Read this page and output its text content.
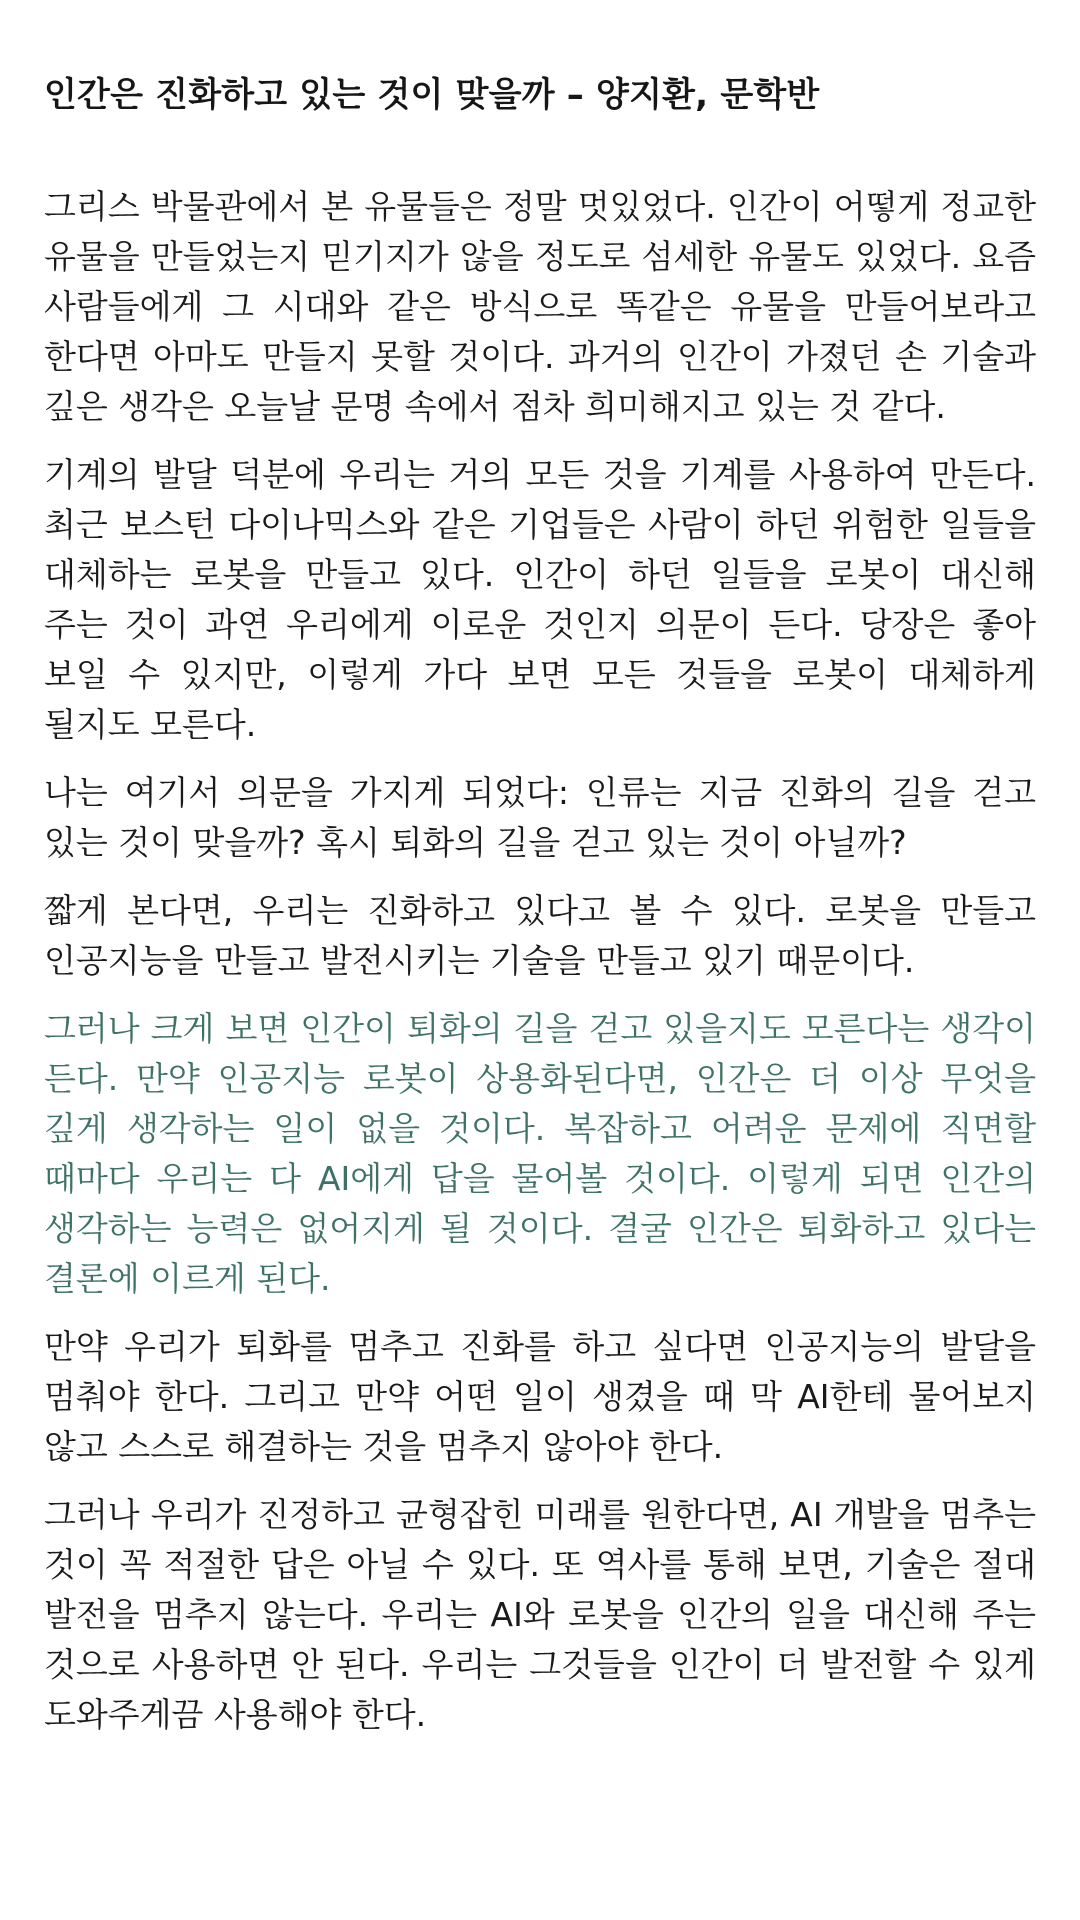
인간은 진화하고 있는 것이 맞을까 – 양지환, 문학반

그리스 박물관에서 본 유물들은 정말 멋있었다. 인간이 어떻게 정교한 유물을 만들었는지 믿기지가 않을 정도로 섬세한 유물도 있었다. 요즘 사람들에게 그 시대와 같은 방식으로 똑같은 유물을 만들어보라고 한다면 아마도 만들지 못할 것이다. 과거의 인간이 가졌던 손 기술과 깊은 생각은 오늘날 문명 속에서 점차 희미해지고 있는 것 같다.

기계의 발달 덕분에 우리는 거의 모든 것을 기계를 사용하여 만든다. 최근 보스턴 다이나믹스와 같은 기업들은 사람이 하던 위험한 일들을 대체하는 로봇을 만들고 있다. 인간이 하던 일들을 로봇이 대신해 주는 것이 과연 우리에게 이로운 것인지 의문이 든다. 당장은 좋아 보일 수 있지만, 이렇게 가다 보면 모든 것들을 로봇이 대체하게 될지도 모른다.

나는 여기서 의문을 가지게 되었다: 인류는 지금 진화의 길을 걷고 있는 것이 맞을까? 혹시 퇴화의 길을 걷고 있는 것이 아닐까?

짧게 본다면, 우리는 진화하고 있다고 볼 수 있다. 로봇을 만들고 인공지능을 만들고 발전시키는 기술을 만들고 있기 때문이다.

그러나 크게 보면 인간이 퇴화의 길을 걷고 있을지도 모른다는 생각이 든다. 만약 인공지능 로봇이 상용화된다면, 인간은 더 이상 무엇을 깊게 생각하는 일이 없을 것이다. 복잡하고 어려운 문제에 직면할 때마다 우리는 다 AI에게 답을 물어볼 것이다. 이렇게 되면 인간의 생각하는 능력은 없어지게 될 것이다. 결굴 인간은 퇴화하고 있다는 결론에 이르게 된다.

만약 우리가 퇴화를 멈추고 진화를 하고 싶다면 인공지능의 발달을 멈춰야 한다. 그리고 만약 어떤 일이 생겼을 때 막 AI한테 물어보지 않고 스스로 해결하는 것을 멈추지 않아야 한다.

그러나 우리가 진정하고 균형잡힌 미래를 원한다면, AI 개발을 멈추는 것이 꼭 적절한 답은 아닐 수 있다. 또 역사를 통해 보면, 기술은 절대 발전을 멈추지 않는다. 우리는 AI와 로봇을 인간의 일을 대신해 주는 것으로 사용하면 안 된다. 우리는 그것들을 인간이 더 발전할 수 있게 도와주게끔 사용해야 한다.
